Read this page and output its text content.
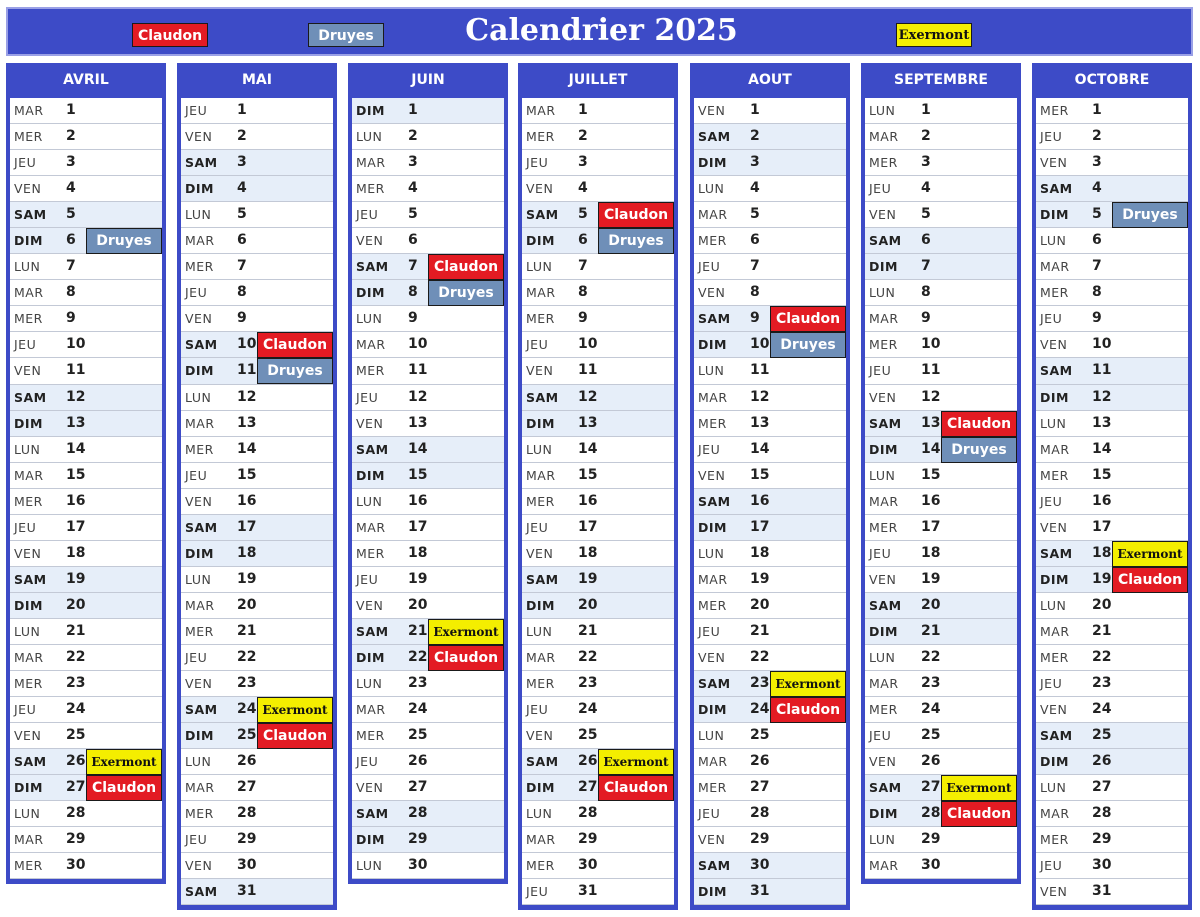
Claudon	Druyes	Calendrier 2025	Exermont
AVRIL
MAR 1
MER 2
JEU 3
VEN 4
SAM 5
DIM 6	Druyes
LUN 7
MAR 8
MER 9
JEU 10
VEN 11
SAM 12
DIM 13
LUN 14
MAR 15
MER 16
JEU 17
VEN 18
SAM 19
DIM 20
LUN 21
MAR 22
MER 23
JEU 24
VEN 25
SAM 26 Exermont
DIM 27 Claudon
LUN 28
MAR 29
MER 30
MAI
JEU 1
VEN 2
SAM 3
DIM 4
LUN 5
MAR 6
MER 7
JEU 8
VEN 9
SAM 10 Claudon
DIM 11 Druyes
LUN 12
MAR 13
MER 14
JEU 15
VEN 16
SAM 17
DIM 18
LUN 19
MAR 20
MER 21
JEU 22
VEN 23
SAM 24 Exermont
DIM 25 Claudon
LUN 26
MAR 27
MER 28
JEU 29
VEN 30
SAM 31
JUIN
DIM 1
LUN 2
MAR 3
MER 4
JEU 5
VEN 6
SAM 7	Claudon
DIM 8	Druyes
LUN 9
MAR 10
MER 11
JEU 12
VEN 13
SAM 14
DIM 15
LUN 16
MAR 17
MER 18
JEU 19
VEN 20
SAM 21 Exermont
DIM 22 Claudon
LUN 23
MAR 24
MER 25
JEU 26
VEN 27
SAM 28
DIM 29
LUN 30
JUILLET
MAR 1
MER 2
JEU 3
VEN 4
SAM 5	Claudon
DIM 6	Druyes
LUN 7
MAR 8
MER 9
JEU 10
VEN 11
SAM 12
DIM 13
LUN 14
MAR 15
MER 16
JEU 17
VEN 18
SAM 19
DIM 20
LUN 21
MAR 22
MER 23
JEU 24
VEN 25
SAM 26 Exermont
DIM 27 Claudon
LUN 28
MAR 29
MER 30
JEU 31
AOUT
VEN 1
SAM 2
DIM 3
LUN 4
MAR 5
MER 6
JEU 7
VEN 8
SAM 9	Claudon
DIM 10 Druyes
LUN 11
MAR 12
MER 13
JEU 14
VEN 15
SAM 16
DIM 17
LUN 18
MAR 19
MER 20
JEU 21
VEN 22
SAM 23 Exermont
DIM 24 Claudon
LUN 25
MAR 26
MER 27
JEU 28
VEN 29
SAM 30
DIM 31
SEPTEMBRE
LUN 1
MAR 2
MER 3
JEU 4
VEN 5
SAM 6
DIM 7
LUN 8
MAR 9
MER 10
JEU 11
VEN 12
SAM 13 Claudon
DIM 14 Druyes
LUN 15
MAR 16
MER 17
JEU 18
VEN 19
SAM 20
DIM 21
LUN 22
MAR 23
MER 24
JEU 25
VEN 26
SAM 27 Exermont
DIM 28 Claudon
LUN 29
MAR 30
OCTOBRE
MER 1
JEU 2
VEN 3
SAM 4
DIM 5	Druyes
LUN 6
MAR 7
MER 8
JEU 9
VEN 10
SAM 11
DIM 12
LUN 13
MAR 14
MER 15
JEU 16
VEN 17
SAM 18 Exermont
DIM 19 Claudon
LUN 20
MAR 21
MER 22
JEU 23
VEN 24
SAM 25
DIM 26
LUN 27
MAR 28
MER 29
JEU 30
VEN 31
